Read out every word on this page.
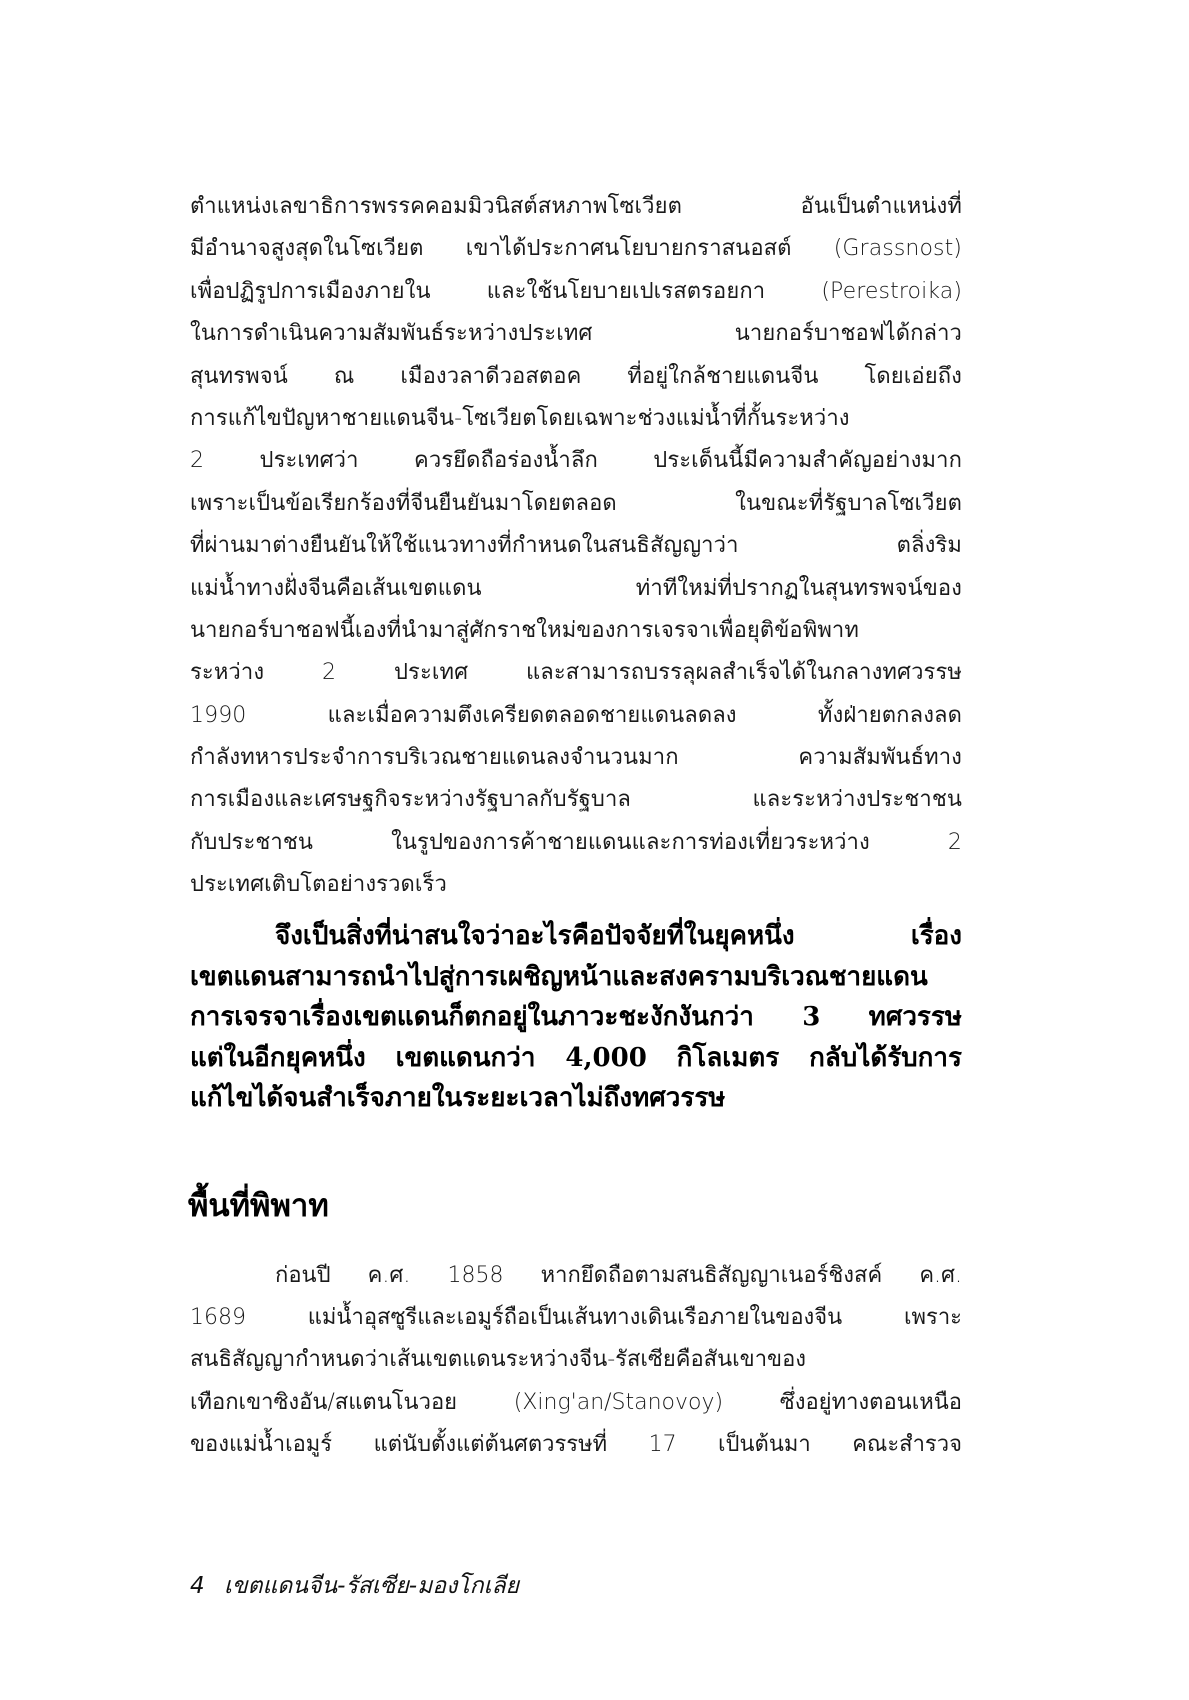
ตำแหน่งเลขาธิการพรรคคอมมิวนิสต์สหภาพโซเวียต อันเป็นตำแหน่งที่
มีอำนาจสูงสุดในโซเวียต เขาได้ประกาศนโยบายกราสนอสต์ (Grassnost)
เพื่อปฏิรูปการเมืองภายใน และใช้นโยบายเปเรสตรอยกา (Perestroika)
ในการดำเนินความสัมพันธ์ระหว่างประเทศ นายกอร์บาชอฟได้กล่าว
สุนทรพจน์ ณ เมืองวลาดีวอสตอค ที่อยู่ใกล้ชายแดนจีน โดยเอ่ยถึง
การแก้ไขปัญหาชายแดนจีน-โซเวียตโดยเฉพาะช่วงแม่น้ำที่กั้นระหว่าง
2 ประเทศว่า ควรยึดถือร่องน้ำลึก ประเด็นนี้มีความสำคัญอย่างมาก
เพราะเป็นข้อเรียกร้องที่จีนยืนยันมาโดยตลอด ในขณะที่รัฐบาลโซเวียต
ที่ผ่านมาต่างยืนยันให้ใช้แนวทางที่กำหนดในสนธิสัญญาว่า ตลิ่งริม
แม่น้ำทางฝั่งจีนคือเส้นเขตแดน ท่าทีใหม่ที่ปรากฏในสุนทรพจน์ของ
นายกอร์บาชอฟนี้เองที่นำมาสู่ศักราชใหม่ของการเจรจาเพื่อยุติข้อพิพาท
ระหว่าง 2 ประเทศ และสามารถบรรลุผลสำเร็จได้ในกลางทศวรรษ
1990 และเมื่อความตึงเครียดตลอดชายแดนลดลง ทั้งฝ่ายตกลงลด
กำลังทหารประจำการบริเวณชายแดนลงจำนวนมาก ความสัมพันธ์ทาง
การเมืองและเศรษฐกิจระหว่างรัฐบาลกับรัฐบาล และระหว่างประชาชน
กับประชาชน ในรูปของการค้าชายแดนและการท่องเที่ยวระหว่าง 2
ประเทศเติบโตอย่างรวดเร็ว
จึงเป็นสิ่งที่น่าสนใจว่าอะไรคือปัจจัยที่ในยุคหนึ่ง เรื่อง
เขตแดนสามารถนำไปสู่การเผชิญหน้าและสงครามบริเวณชายแดน
การเจรจาเรื่องเขตแดนก็ตกอยู่ในภาวะชะงักงันกว่า 3 ทศวรรษ
แต่ในอีกยุคหนึ่ง เขตแดนกว่า 4,000 กิโลเมตร กลับได้รับการ
แก้ไขได้จนสำเร็จภายในระยะเวลาไม่ถึงทศวรรษ
พื้นที่พิพาท
ก่อนปี ค.ศ. 1858 หากยึดถือตามสนธิสัญญาเนอร์ชิงสค์ ค.ศ.
1689 แม่น้ำอุสซูรีและเอมูร์ถือเป็นเส้นทางเดินเรือภายในของจีน เพราะ
สนธิสัญญากำหนดว่าเส้นเขตแดนระหว่างจีน-รัสเซียคือสันเขาของ
เทือกเขาซิงอัน/สแตนโนวอย (Xing'an/Stanovoy) ซึ่งอยู่ทางตอนเหนือ
ของแม่น้ำเอมูร์ แต่นับตั้งแต่ต้นศตวรรษที่ 17 เป็นต้นมา คณะสำรวจ
4 เขตแดนจีน-รัสเซีย-มองโกเลีย
